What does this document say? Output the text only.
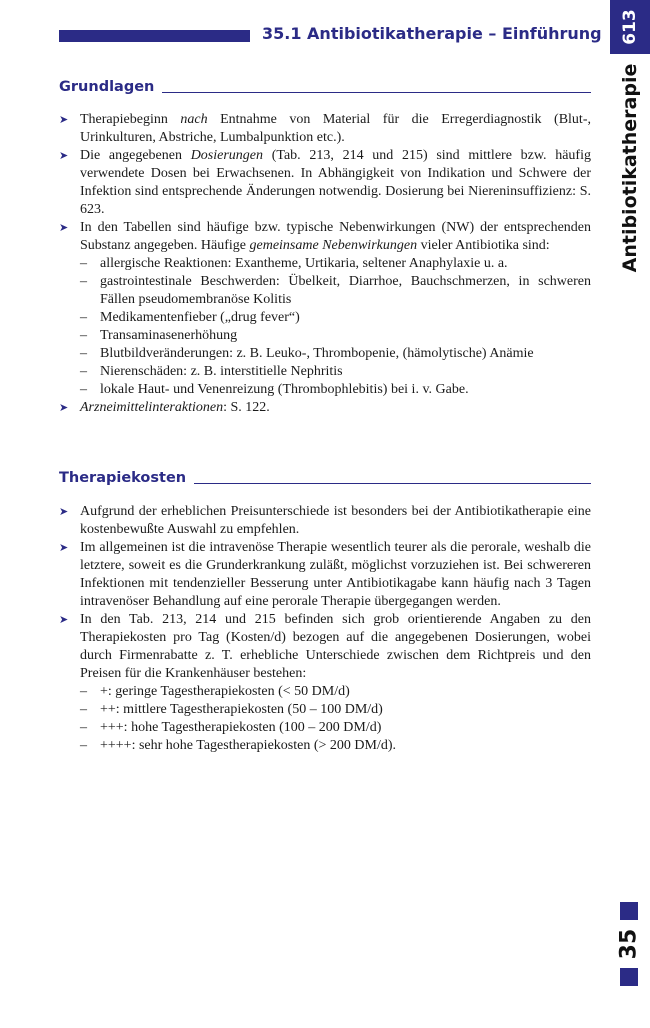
35.1 Antibiotikatherapie – Einführung 613
Antibiotikatherapie
35
Grundlagen
➤ Therapiebeginn nach Entnahme von Material für die Erregerdiagnostik (Blut-, Urinkulturen, Abstriche, Lumbalpunktion etc.).
➤ Die angegebenen Dosierungen (Tab. 213, 214 und 215) sind mittlere bzw. häufig verwendete Dosen bei Erwachsenen. In Abhängigkeit von Indikation und Schwere der Infektion sind entsprechende Änderungen notwendig. Dosierung bei Niereninsuffizienz: S. 623.
➤ In den Tabellen sind häufige bzw. typische Nebenwirkungen (NW) der entsprechenden Substanz angegeben. Häufige gemeinsame Nebenwirkungen vieler Antibiotika sind:
– allergische Reaktionen: Exantheme, Urtikaria, seltener Anaphylaxie u. a.
– gastrointestinale Beschwerden: Übelkeit, Diarrhoe, Bauchschmerzen, in schweren Fällen pseudomembranöse Kolitis
– Medikamentenfieber („drug fever“)
– Transaminasenerhöhung
– Blutbildveränderungen: z. B. Leuko-, Thrombopenie, (hämolytische) Anämie
– Nierenschäden: z. B. interstitielle Nephritis
– lokale Haut- und Venenreizung (Thrombophlebitis) bei i. v. Gabe.
➤ Arzneimittelinteraktionen: S. 122.
Therapiekosten
➤ Aufgrund der erheblichen Preisunterschiede ist besonders bei der Antibiotikatherapie eine kostenbewußte Auswahl zu empfehlen.
➤ Im allgemeinen ist die intravenöse Therapie wesentlich teurer als die perorale, weshalb die letztere, soweit es die Grunderkrankung zuläßt, möglichst vorzuziehen ist. Bei schwereren Infektionen mit tendenzieller Besserung unter Antibiotikagabe kann häufig nach 3 Tagen intravenöser Behandlung auf eine perorale Therapie übergegangen werden.
➤ In den Tab. 213, 214 und 215 befinden sich grob orientierende Angaben zu den Therapiekosten pro Tag (Kosten/d) bezogen auf die angegebenen Dosierungen, wobei durch Firmenrabatte z. T. erhebliche Unterschiede zwischen dem Richtpreis und den Preisen für die Krankenhäuser bestehen:
– +: geringe Tagestherapiekosten (< 50 DM/d)
– ++: mittlere Tagestherapiekosten (50 – 100 DM/d)
– +++: hohe Tagestherapiekosten (100 – 200 DM/d)
– ++++: sehr hohe Tagestherapiekosten (> 200 DM/d).
